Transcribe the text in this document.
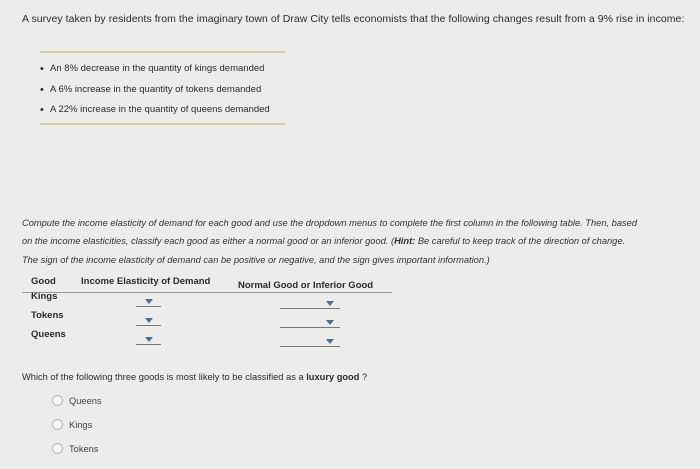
A survey taken by residents from the imaginary town of Draw City tells economists that the following changes result from a 9% rise in income:
• An 8% decrease in the quantity of kings demanded
• A 6% increase in the quantity of tokens demanded
• A 22% increase in the quantity of queens demanded

Compute the income elasticity of demand for each good and use the dropdown menus to complete the first column in the following table. Then, based

on the income elasticities, classify each good as either a normal good or an inferior good. (Hint: Be careful to keep track of the direction of change.

The sign of the income elasticity of demand can be positive or negative, and the sign gives important information.)

Good	Income Elasticity of Demand	Normal Good or Inferior Good
Kings
Tokens
Queens
Which of the following three goods is most likely to be classified as a luxury good ?
Queens
Kings
Tokens
